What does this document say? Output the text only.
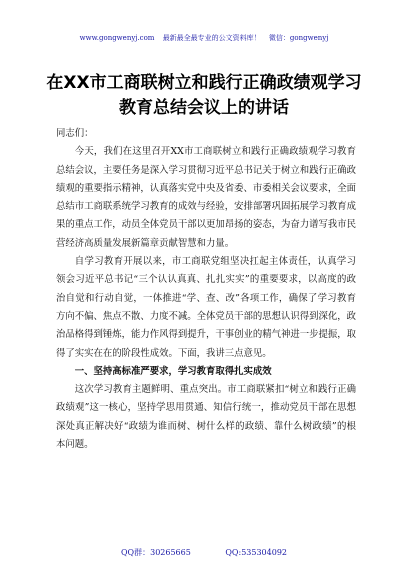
www.gongwenyj.com 最新最全最专业的公文资料库！ 微信：gongwenyj
在XX市工商联树立和践行正确政绩观学习教育总结会议上的讲话

同志们：

今天，我们在这里召开XX市工商联树立和践行正确政绩观学习教育总结会议，主要任务是深入学习贯彻习近平总书记关于树立和践行正确政绩观的重要指示精神，认真落实党中央及省委、市委相关会议要求，全面总结市工商联系统学习教育的成效与经验，安排部署巩固拓展学习教育成果的重点工作，动员全体党员干部以更加昂扬的姿态，为奋力谱写我市民营经济高质量发展新篇章贡献智慧和力量。

自学习教育开展以来，市工商联党组坚决扛起主体责任，认真学习领会习近平总书记“三个认认真真、扎扎实实”的重要要求，以高度的政治自觉和行动自觉，一体推进“学、查、改”各项工作，确保了学习教育方向不偏、焦点不散、力度不减。全体党员干部的思想认识得到深化，政治品格得到锤炼，能力作风得到提升，干事创业的精气神进一步提振，取得了实实在在的阶段性成效。下面，我讲三点意见。

一、坚持高标准严要求，学习教育取得扎实成效

这次学习教育主题鲜明、重点突出。市工商联紧扣“树立和践行正确政绩观”这一核心，坚持学思用贯通、知信行统一，推动党员干部在思想深处真正解决好“政绩为谁而树、树什么样的政绩、靠什么树政绩”的根本问题。

QQ群：30265665	QQ:535304092
